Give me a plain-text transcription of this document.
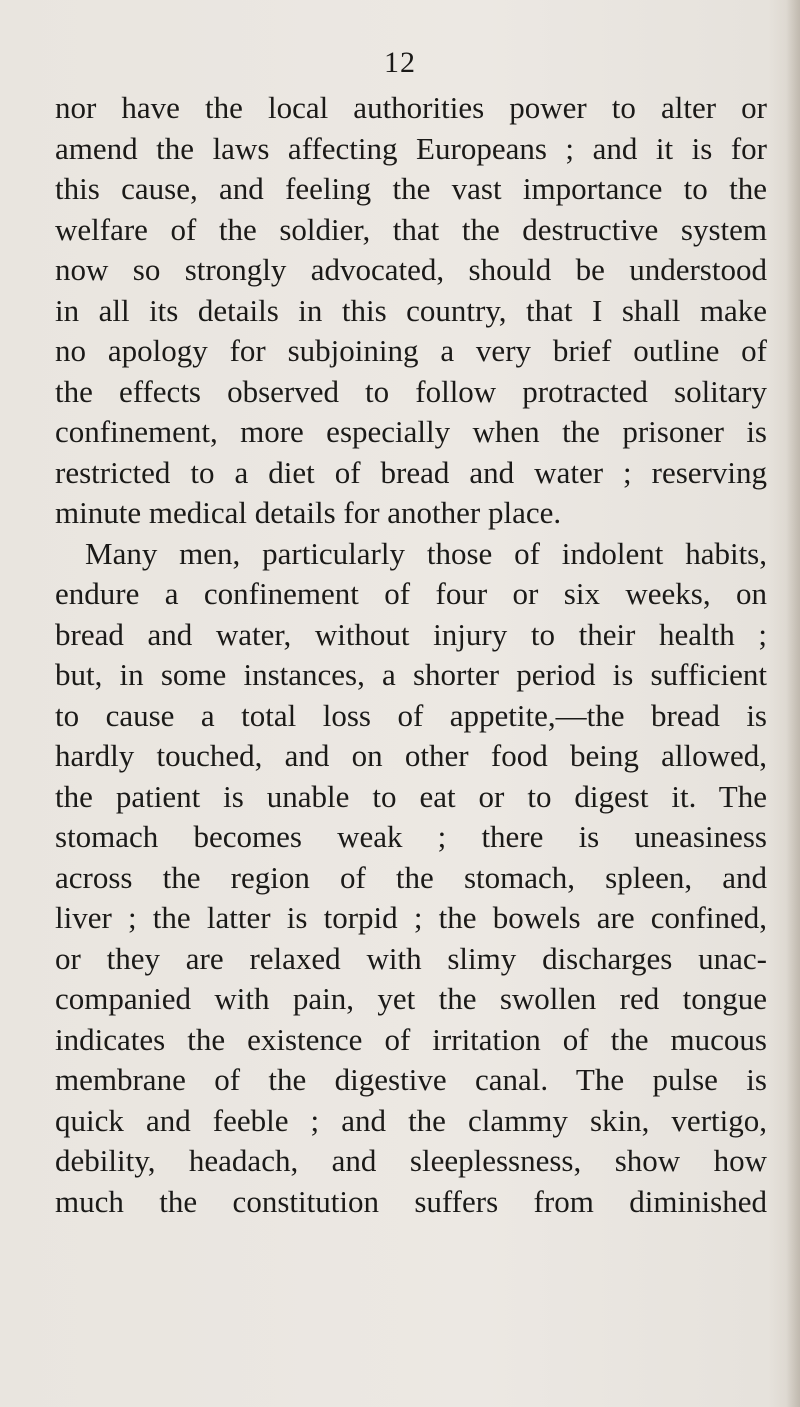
12
nor have the local authorities power to alter or
amend the laws affecting Europeans ; and it is for
this cause, and feeling the vast importance to the
welfare of the soldier, that the destructive system
now so strongly advocated, should be understood
in all its details in this country, that I shall make
no apology for subjoining a very brief outline of
the effects observed to follow protracted solitary
confinement, more especially when the prisoner is
restricted to a diet of bread and water ; reserving
minute medical details for another place.
Many men, particularly those of indolent habits,
endure a confinement of four or six weeks, on
bread and water, without injury to their health ;
but, in some instances, a shorter period is sufficient
to cause a total loss of appetite,—the bread is
hardly touched, and on other food being allowed,
the patient is unable to eat or to digest it. The
stomach becomes weak ; there is uneasiness
across the region of the stomach, spleen, and
liver ; the latter is torpid ; the bowels are confined,
or they are relaxed with slimy discharges unac-
companied with pain, yet the swollen red tongue
indicates the existence of irritation of the mucous
membrane of the digestive canal. The pulse is
quick and feeble ; and the clammy skin, vertigo,
debility, headach, and sleeplessness, show how
much the constitution suffers from diminished
